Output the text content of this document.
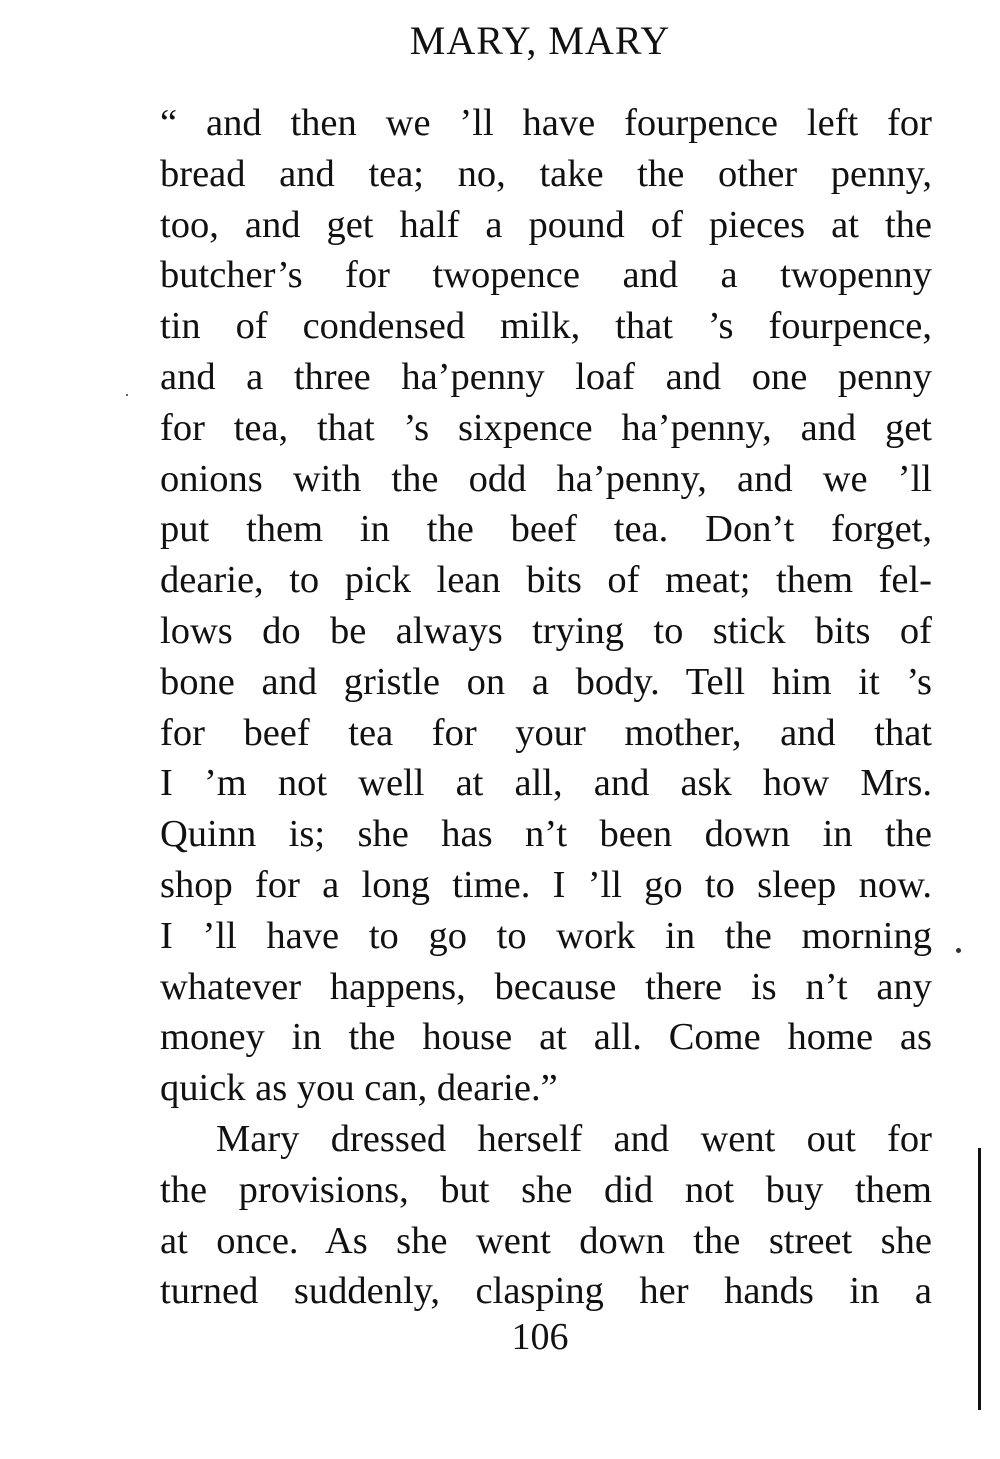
MARY, MARY
“ and then we ’ll have fourpence left for
bread and tea; no, take the other penny,
too, and get half a pound of pieces at the
butcher’s for twopence and a twopenny
tin of condensed milk, that ’s fourpence,
and a three ha’penny loaf and one penny
for tea, that ’s sixpence ha’penny, and get
onions with the odd ha’penny, and we ’ll
put them in the beef tea. Don’t forget,
dearie, to pick lean bits of meat; them fel-
lows do be always trying to stick bits of
bone and gristle on a body. Tell him it ’s
for beef tea for your mother, and that
I ’m not well at all, and ask how Mrs.
Quinn is; she has n’t been down in the
shop for a long time. I ’ll go to sleep now.
I ’ll have to go to work in the morning
whatever happens, because there is n’t any
money in the house at all. Come home as
quick as you can, dearie.”
Mary dressed herself and went out for
the provisions, but she did not buy them
at once. As she went down the street she
turned suddenly, clasping her hands in a
106
